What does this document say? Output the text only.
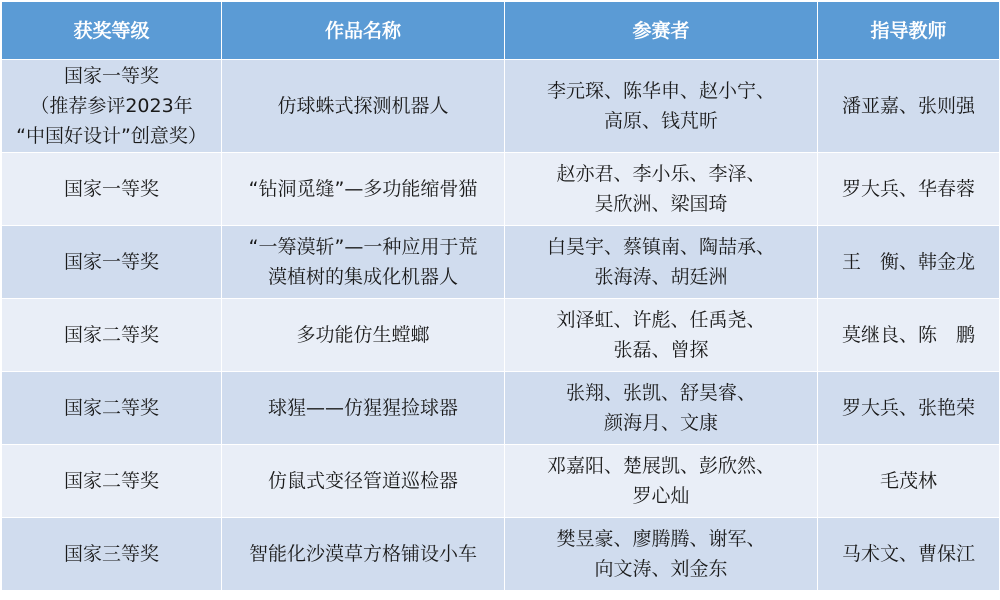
获奖等级	作品名称	参赛者	指导教师

国家一等奖
（推荐参评2023年
“中国好设计”创意奖）	仿球蛛式探测机器人	李元琛、陈华申、赵小宁、
高原、钱芃昕	潘亚嘉、张则强
国家一等奖	“钻洞觅缝”—多功能缩骨猫	赵亦君、李小乐、李泽、
吴欣洲、梁国琦	罗大兵、华春蓉
国家一等奖	“一筹漠斩”—一种应用于荒
漠植树的集成化机器人	白昊宇、蔡镇南、陶喆承、
张海涛、胡廷洲	王　衡、韩金龙
国家二等奖	多功能仿生螳螂	刘泽虹、许彪、任禹尧、
张磊、曾探	莫继良、陈　鹏
国家二等奖	球猩——仿猩猩捡球器	张翔、张凯、舒昊睿、
颜海月、文康	罗大兵、张艳荣
国家二等奖	仿鼠式变径管道巡检器	邓嘉阳、楚展凯、彭欣然、
罗心灿	毛茂林
国家三等奖	智能化沙漠草方格铺设小车	樊昱豪、廖腾腾、谢军、
向文涛、刘金东	马术文、曹保江
